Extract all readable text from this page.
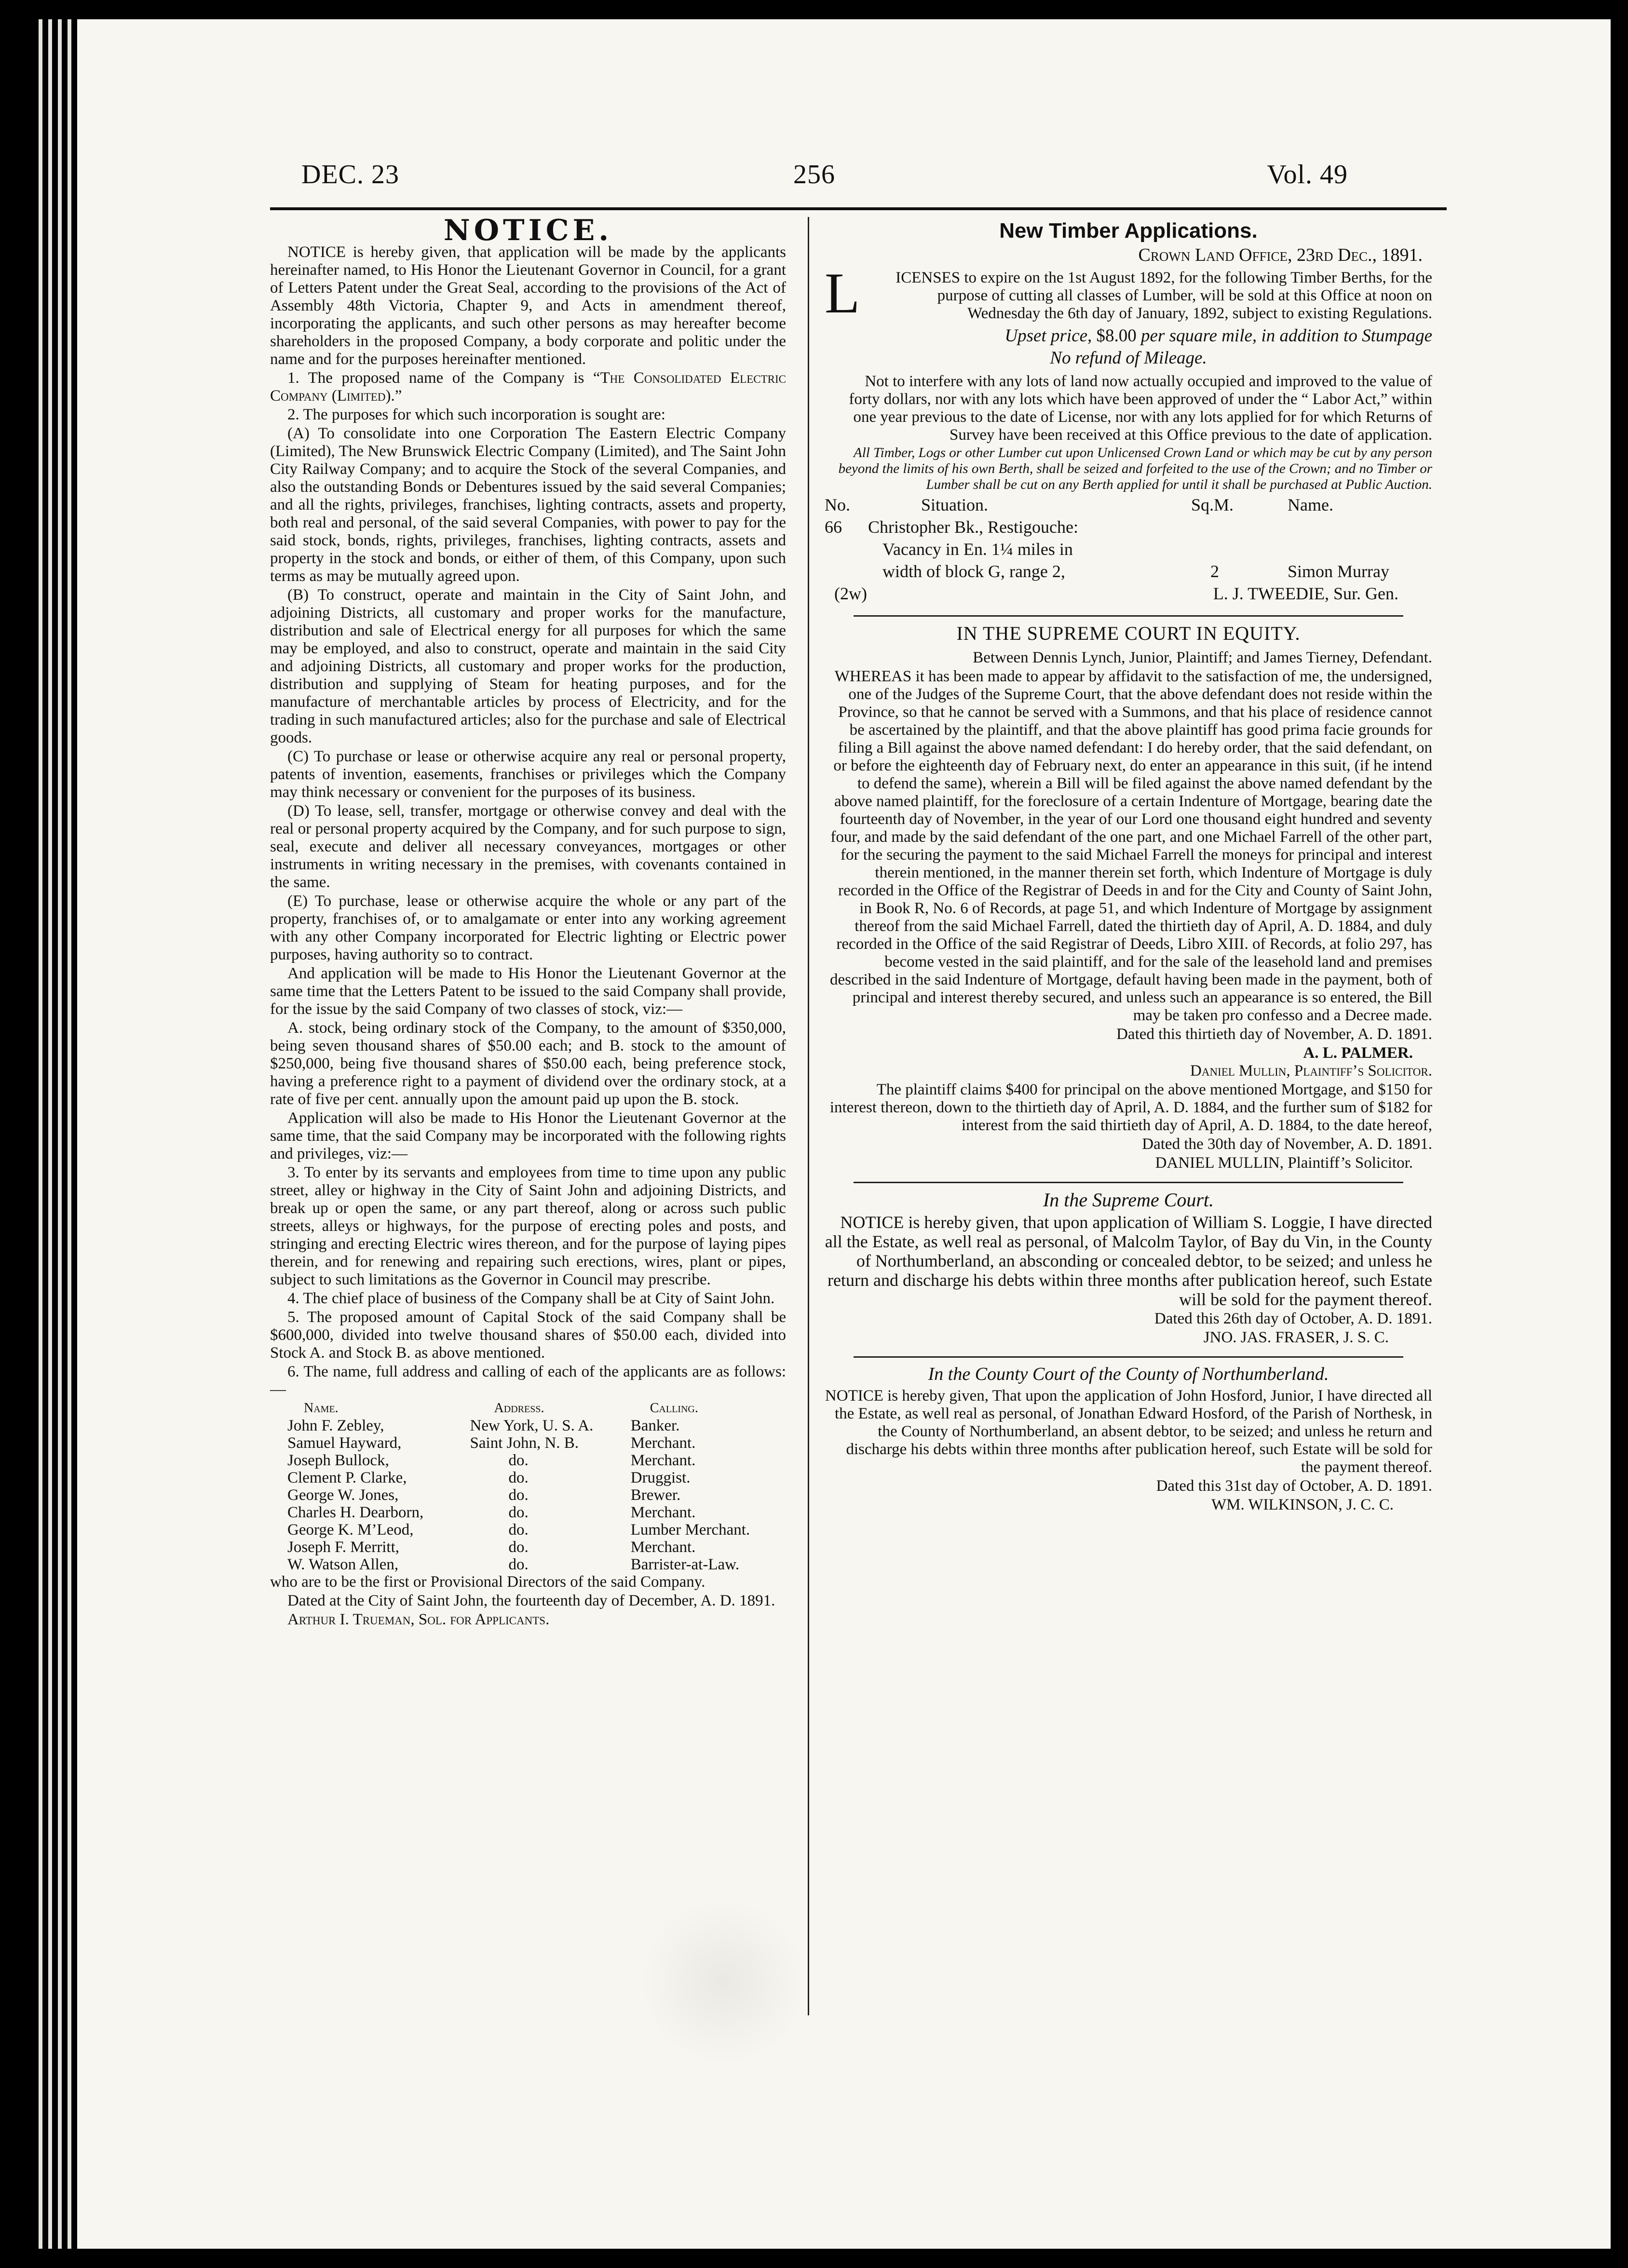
DEC. 23	256	Vol. 49
NOTICE.

NOTICE is hereby given, that application will be made by the applicants hereinafter named, to His Honor the Lieutenant Governor in Council, for a grant of Letters Patent under the Great Seal, according to the provisions of the Act of Assembly 48th Victoria, Chapter 9, and Acts in amendment thereof, incorporating the applicants, and such other persons as may hereafter become shareholders in the proposed Company, a body corporate and politic under the name and for the purposes hereinafter mentioned.

1. The proposed name of the Company is “The Consolidated Electric Company (Limited).”

2. The purposes for which such incorporation is sought are:

(A) To consolidate into one Corporation The Eastern Electric Company (Limited), The New Brunswick Electric Company (Limited), and The Saint John City Railway Company; and to acquire the Stock of the several Companies, and also the outstanding Bonds or Debentures issued by the said several Companies; and all the rights, privileges, franchises, lighting contracts, assets and property, both real and personal, of the said several Companies, with power to pay for the said stock, bonds, rights, privileges, franchises, lighting contracts, assets and property in the stock and bonds, or either of them, of this Company, upon such terms as may be mutually agreed upon.

(B) To construct, operate and maintain in the City of Saint John, and adjoining Districts, all customary and proper works for the manufacture, distribution and sale of Electrical energy for all purposes for which the same may be employed, and also to construct, operate and maintain in the said City and adjoining Districts, all customary and proper works for the production, distribution and supplying of Steam for heating purposes, and for the manufacture of merchantable articles by process of Electricity, and for the trading in such manufactured articles; also for the purchase and sale of Electrical goods.

(C) To purchase or lease or otherwise acquire any real or personal property, patents of invention, easements, franchises or privileges which the Company may think necessary or convenient for the purposes of its business.

(D) To lease, sell, transfer, mortgage or otherwise convey and deal with the real or personal property acquired by the Company, and for such purpose to sign, seal, execute and deliver all necessary conveyances, mortgages or other instruments in writing necessary in the premises, with covenants contained in the same.

(E) To purchase, lease or otherwise acquire the whole or any part of the property, franchises of, or to amalgamate or enter into any working agreement with any other Company incorporated for Electric lighting or Electric power purposes, having authority so to contract.

And application will be made to His Honor the Lieutenant Governor at the same time that the Letters Patent to be issued to the said Company shall provide, for the issue by the said Company of two classes of stock, viz:—

A. stock, being ordinary stock of the Company, to the amount of $350,000, being seven thousand shares of $50.00 each; and B. stock to the amount of $250,000, being five thousand shares of $50.00 each, being preference stock, having a preference right to a payment of dividend over the ordinary stock, at a rate of five per cent. annually upon the amount paid up upon the B. stock.

Application will also be made to His Honor the Lieutenant Governor at the same time, that the said Company may be incorporated with the following rights and privileges, viz:—

3. To enter by its servants and employees from time to time upon any public street, alley or highway in the City of Saint John and adjoining Districts, and break up or open the same, or any part thereof, along or across such public streets, alleys or highways, for the purpose of erecting poles and posts, and stringing and erecting Electric wires thereon, and for the purpose of laying pipes therein, and for renewing and repairing such erections, wires, plant or pipes, subject to such limitations as the Governor in Council may prescribe.

4. The chief place of business of the Company shall be at City of Saint John.

5. The proposed amount of Capital Stock of the said Company shall be $600,000, divided into twelve thousand shares of $50.00 each, divided into Stock A. and Stock B. as above mentioned.

6. The name, full address and calling of each of the applicants are as follows:—

Name.	Address.	Calling.
John F. Zebley,	New York, U. S. A.	Banker.
Samuel Hayward,	Saint John, N. B.	Merchant.
Joseph Bullock,	do.	Merchant.
Clement P. Clarke,	do.	Druggist.
George W. Jones,	do.	Brewer.
Charles H. Dearborn,	do.	Merchant.
George K. M’Leod,	do.	Lumber Merchant.
Joseph F. Merritt,	do.	Merchant.
W. Watson Allen,	do.	Barrister-at-Law.

who are to be the first or Provisional Directors of the said Company.

Dated at the City of Saint John, the fourteenth day of December, A. D. 1891.

Arthur I. Trueman, Sol. for Applicants.

New Timber Applications.
Crown Land Office, 23rd Dec., 1891.

L ICENSES to expire on the 1st August 1892, for the following Timber Berths, for the purpose of cutting all classes of Lumber, will be sold at this Office at noon on Wednesday the 6th day of January, 1892, subject to existing Regulations.

Upset price, $8.00 per square mile, in addition to Stumpage

No refund of Mileage.

Not to interfere with any lots of land now actually occupied and improved to the value of forty dollars, nor with any lots which have been approved of under the “ Labor Act,” within one year previous to the date of License, nor with any lots applied for for which Returns of Survey have been received at this Office previous to the date of application.

All Timber, Logs or other Lumber cut upon Unlicensed Crown Land or which may be cut by any person beyond the limits of his own Berth, shall be seized and forfeited to the use of the Crown; and no Timber or Lumber shall be cut on any Berth applied for until it shall be purchased at Public Auction.

No.	Situation.	Sq.M.	Name.
66	Christopher Bk., Restigouche:		
	Vacancy in En. 1¼ miles in		
	width of block G, range 2,	2	Simon Murray
(2w)	L. J. TWEEDIE, Sur. Gen.
IN THE SUPREME COURT IN EQUITY.

Between Dennis Lynch, Junior, Plaintiff; and James Tierney, Defendant.

WHEREAS it has been made to appear by affidavit to the satisfaction of me, the undersigned, one of the Judges of the Supreme Court, that the above defendant does not reside within the Province, so that he cannot be served with a Summons, and that his place of residence cannot be ascertained by the plaintiff, and that the above plaintiff has good prima facie grounds for filing a Bill against the above named defendant: I do hereby order, that the said defendant, on or before the eighteenth day of February next, do enter an appearance in this suit, (if he intend to defend the same), wherein a Bill will be filed against the above named defendant by the above named plaintiff, for the foreclosure of a certain Indenture of Mortgage, bearing date the fourteenth day of November, in the year of our Lord one thousand eight hundred and seventy four, and made by the said defendant of the one part, and one Michael Farrell of the other part, for the securing the payment to the said Michael Farrell the moneys for principal and interest therein mentioned, in the manner therein set forth, which Indenture of Mortgage is duly recorded in the Office of the Registrar of Deeds in and for the City and County of Saint John, in Book R, No. 6 of Records, at page 51, and which Indenture of Mortgage by assignment thereof from the said Michael Farrell, dated the thirtieth day of April, A. D. 1884, and duly recorded in the Office of the said Registrar of Deeds, Libro XIII. of Records, at folio 297, has become vested in the said plaintiff, and for the sale of the leasehold land and premises described in the said Indenture of Mortgage, default having been made in the payment, both of principal and interest thereby secured, and unless such an appearance is so entered, the Bill may be taken pro confesso and a Decree made.

Dated this thirtieth day of November, A. D. 1891.

A. L. PALMER.

Daniel Mullin, Plaintiff’s Solicitor.

The plaintiff claims $400 for principal on the above mentioned Mortgage, and $150 for interest thereon, down to the thirtieth day of April, A. D. 1884, and the further sum of $182 for interest from the said thirtieth day of April, A. D. 1884, to the date hereof,

Dated the 30th day of November, A. D. 1891.

DANIEL MULLIN, Plaintiff’s Solicitor.
In the Supreme Court.

NOTICE is hereby given, that upon application of William S. Loggie, I have directed all the Estate, as well real as personal, of Malcolm Taylor, of Bay du Vin, in the County of Northumberland, an absconding or concealed debtor, to be seized; and unless he return and discharge his debts within three months after publication hereof, such Estate will be sold for the payment thereof.

Dated this 26th day of October, A. D. 1891.

JNO. JAS. FRASER, J. S. C.
In the County Court of the County of Northumberland.

NOTICE is hereby given, That upon the application of John Hosford, Junior, I have directed all the Estate, as well real as personal, of Jonathan Edward Hosford, of the Parish of Northesk, in the County of Northumberland, an absent debtor, to be seized; and unless he return and discharge his debts within three months after publication hereof, such Estate will be sold for the payment thereof.

Dated this 31st day of October, A. D. 1891.

WM. WILKINSON, J. C. C.
